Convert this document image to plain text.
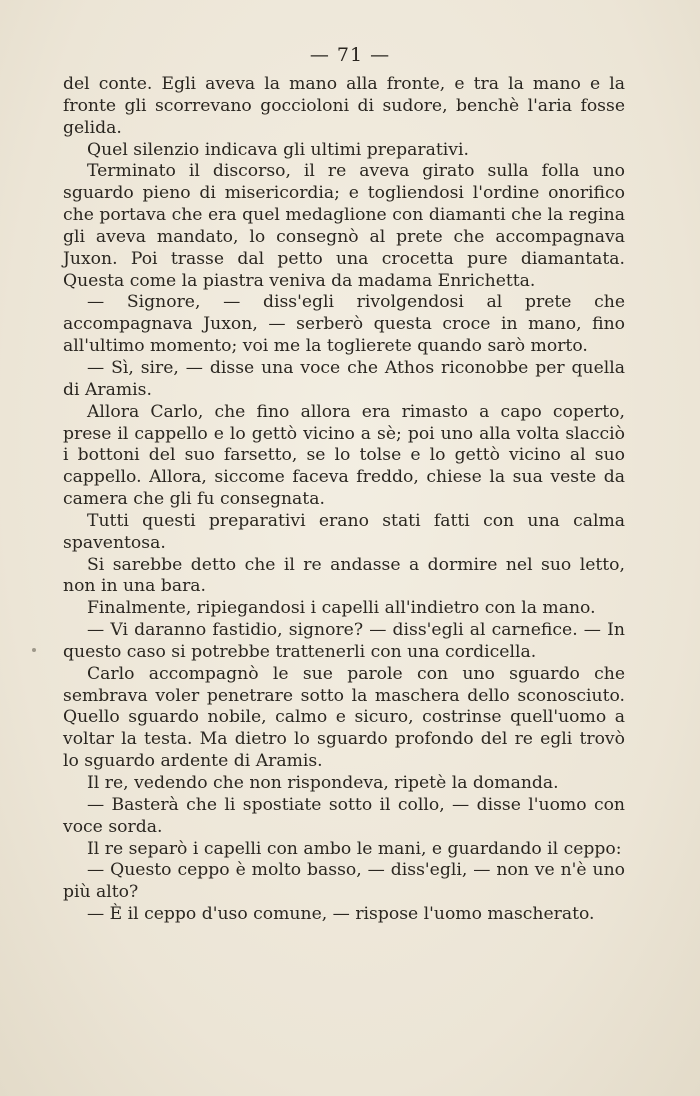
— 71 —

del conte. Egli aveva la mano alla fronte, e tra la mano e la fronte gli scorrevano goccioloni di sudore, benchè l'aria fosse gelida.

Quel silenzio indicava gli ultimi preparativi.

Terminato il discorso, il re aveva girato sulla folla uno sguardo pieno di misericordia; e togliendosi l'ordine onorifico che portava che era quel medaglione con diamanti che la regina gli aveva mandato, lo consegnò al prete che accompagnava Juxon. Poi trasse dal petto una crocetta pure diamantata. Questa come la piastra veniva da madama Enrichetta.

— Signore, — diss'egli rivolgendosi al prete che accompagnava Juxon, — serberò questa croce in mano, fino all'ultimo momento; voi me la toglierete quando sarò morto.

— Sì, sire, — disse una voce che Athos riconobbe per quella di Aramis.

Allora Carlo, che fino allora era rimasto a capo coperto, prese il cappello e lo gettò vicino a sè; poi uno alla volta slacciò i bottoni del suo farsetto, se lo tolse e lo gettò vicino al suo cappello. Allora, siccome faceva freddo, chiese la sua veste da camera che gli fu consegnata.

Tutti questi preparativi erano stati fatti con una calma spaventosa.

Si sarebbe detto che il re andasse a dormire nel suo letto, non in una bara.

Finalmente, ripiegandosi i capelli all'indietro con la mano.

— Vi daranno fastidio, signore? — diss'egli al carnefice. — In questo caso si potrebbe trattenerli con una cordicella.

Carlo accompagnò le sue parole con uno sguardo che sembrava voler penetrare sotto la maschera dello sconosciuto. Quello sguardo nobile, calmo e sicuro, costrinse quell'uomo a voltar la testa. Ma dietro lo sguardo profondo del re egli trovò lo sguardo ardente di Aramis.

Il re, vedendo che non rispondeva, ripetè la domanda.

— Basterà che li spostiate sotto il collo, — disse l'uomo con voce sorda.

Il re separò i capelli con ambo le mani, e guardando il ceppo:

— Questo ceppo è molto basso, — diss'egli, — non ve n'è uno più alto?

— È il ceppo d'uso comune, — rispose l'uomo mascherato.
